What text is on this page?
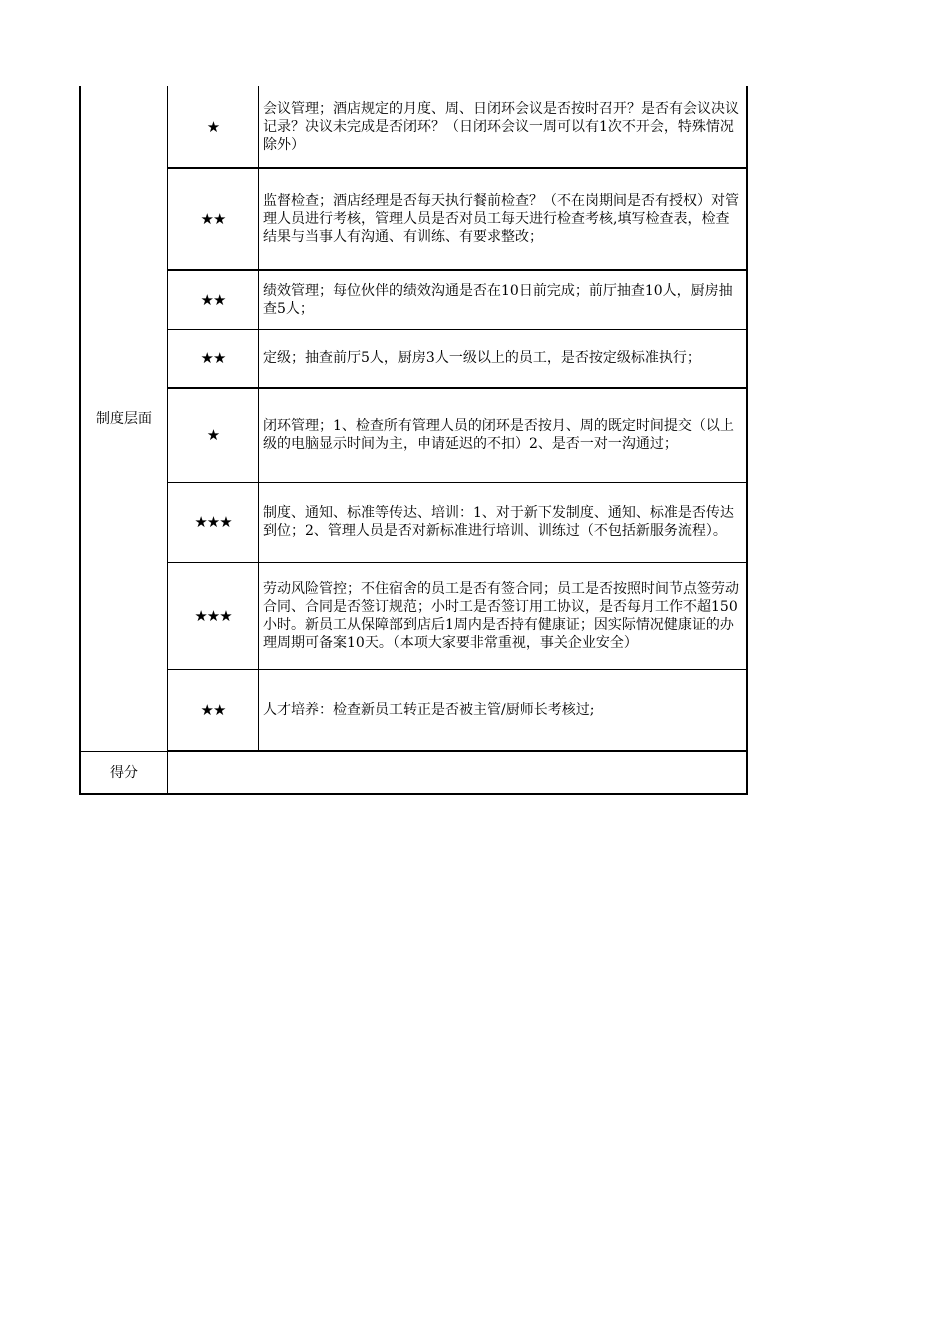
制度层面	★	会议管理；酒店规定的月度、周、日闭环会议是否按时召开？是否有会议决议记录？决议未完成是否闭环？（日闭环会议一周可以有1次不开会，特殊情况除外）
	★★	监督检查；酒店经理是否每天执行餐前检查？（不在岗期间是否有授权）对管理人员进行考核，管理人员是否对员工每天进行检查考核,填写检查表，检查结果与当事人有沟通、有训练、有要求整改；
	★★	绩效管理；每位伙伴的绩效沟通是否在10日前完成；前厅抽查10人，厨房抽查5人；
	★★	定级；抽查前厅5人，厨房3人一级以上的员工，是否按定级标准执行；
	★	闭环管理；1、检查所有管理人员的闭环是否按月、周的既定时间提交（以上级的电脑显示时间为主，申请延迟的不扣）2、是否一对一沟通过；
	★★★	制度、通知、标准等传达、培训：1、对于新下发制度、通知、标准是否传达到位；2、管理人员是否对新标准进行培训、训练过（不包括新服务流程）。
	★★★	劳动风险管控；不住宿舍的员工是否有签合同；员工是否按照时间节点签劳动合同、合同是否签订规范；小时工是否签订用工协议，是否每月工作不超150小时。新员工从保障部到店后1周内是否持有健康证；因实际情况健康证的办理周期可备案10天。（本项大家要非常重视，事关企业安全）
	★★	人才培养：检查新员工转正是否被主管/厨师长考核过;
得分		
